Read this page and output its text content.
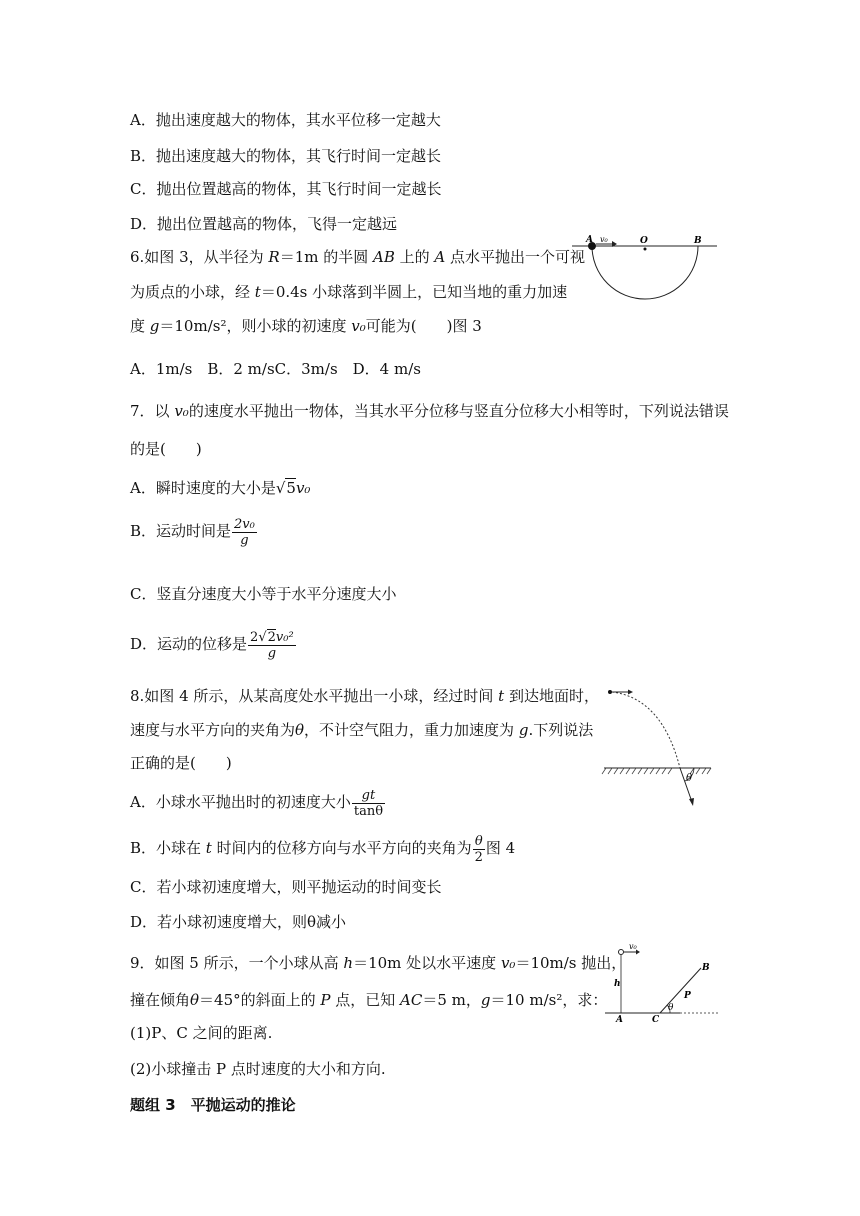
A．抛出速度越大的物体，其水平位移一定越大
B．抛出速度越大的物体，其飞行时间一定越长
C．抛出位置越高的物体，其飞行时间一定越长
D．抛出位置越高的物体，飞得一定越远
6.如图 3，从半径为 R＝1m 的半圆 AB 上的 A 点水平抛出一个可视
为质点的小球，经 t＝0.4s 小球落到半圆上，已知当地的重力加速
度 g＝10m/s²，则小球的初速度 v₀可能为(　　)图 3
A．1m/s　B．2 m/sC．3m/s　D．4 m/s
A v₀	O	B
7．以 v₀的速度水平抛出一物体，当其水平分位移与竖直分位移大小相等时，下列说法错误
的是(　　)
A．瞬时速度的大小是√5v₀
B．运动时间是 $\frac{\text{2v₀}}{g}$
C．竖直分速度大小等于水平分速度大小
D．运动的位移是 $\frac{\text{2√2v₀²}}{g}$
8.如图 4 所示，从某高度处水平抛出一小球，经过时间 t 到达地面时，
速度与水平方向的夹角为θ，不计空气阻力，重力加速度为 g.下列说法
正确的是(　　)
A．小球水平抛出时的初速度大小 $\frac{gt}{\tan\theta}$
B．小球在 t 时间内的位移方向与水平方向的夹角为 $\frac{\theta}{2}$ 图 4
C．若小球初速度增大，则平抛运动的时间变长
D．若小球初速度增大，则θ减小
θ
9．如图 5 所示，一个小球从高 h＝10m 处以水平速度 v₀＝10m/s 抛出，
撞在倾角θ＝45°的斜面上的 P 点，已知 AC＝5 m，g＝10 m/s²，求：
(1)P、C 之间的距离.
(2)小球撞击 P 点时速度的大小和方向.
v₀
h
θ
B
P
A	C
题组 3　平抛运动的推论
